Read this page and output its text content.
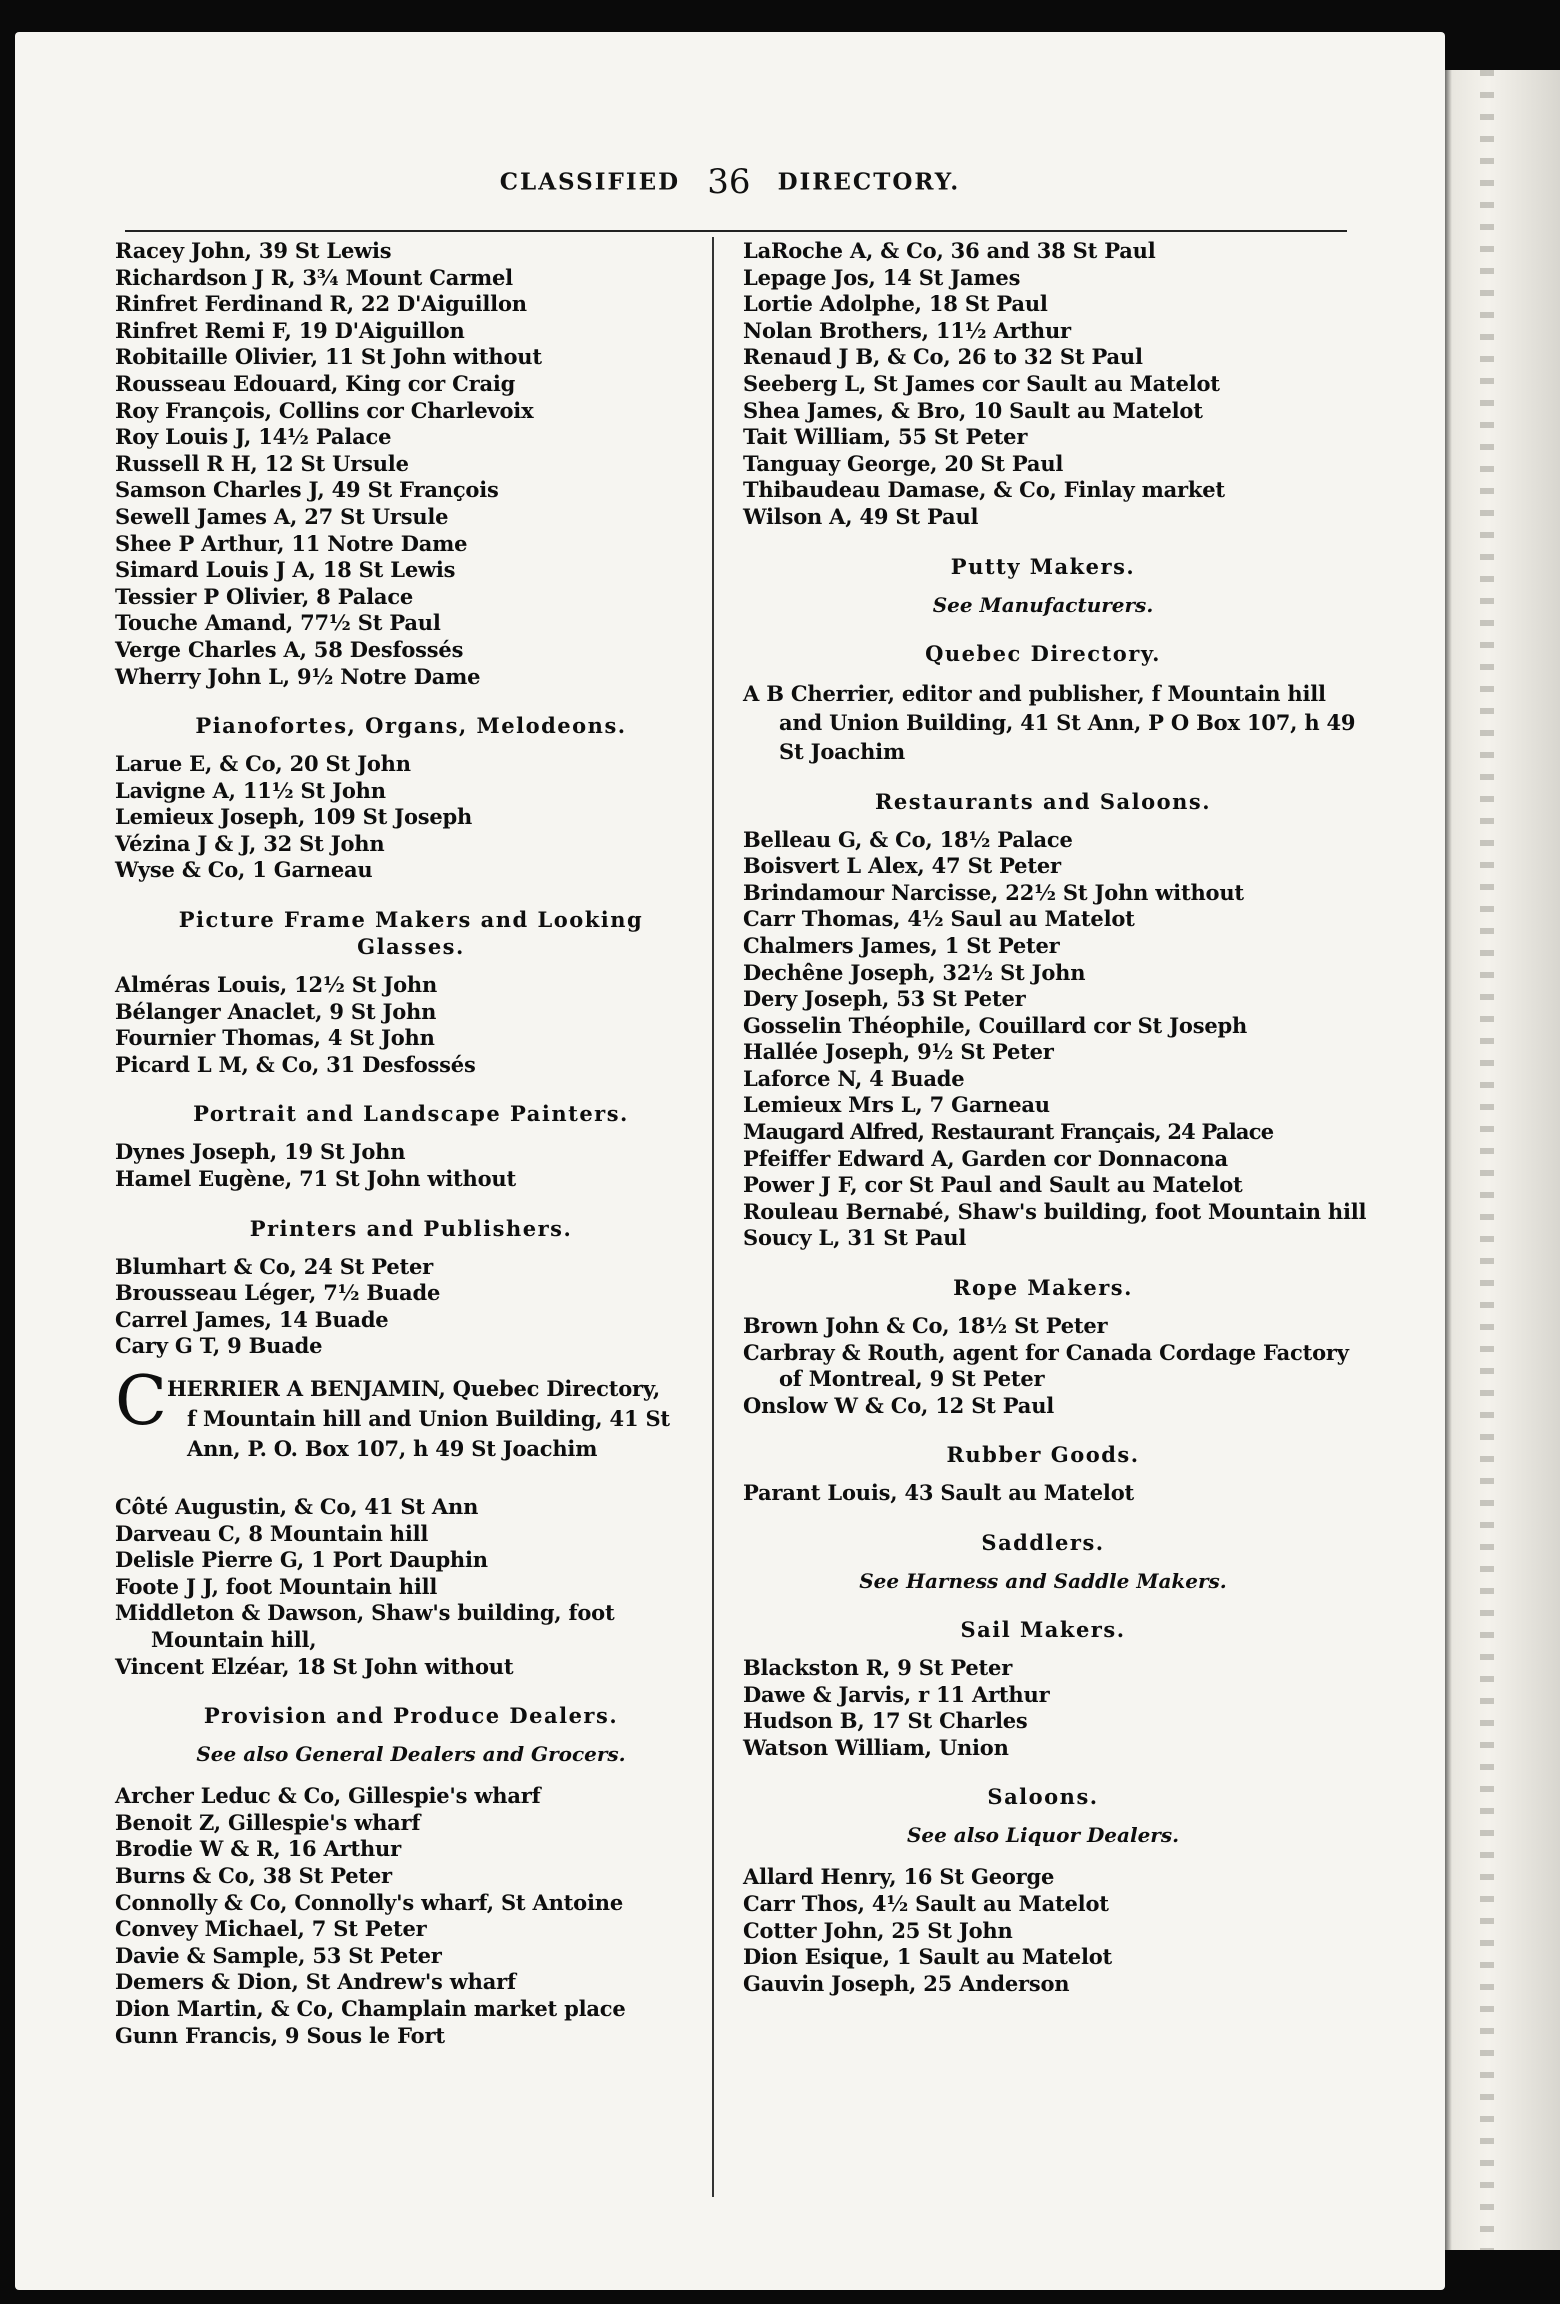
CLASSIFIED 36 DIRECTORY.
Racey John, 39 St Lewis
Richardson J R, 3¾ Mount Carmel
Rinfret Ferdinand R, 22 D'Aiguillon
Rinfret Remi F, 19 D'Aiguillon
Robitaille Olivier, 11 St John without
Rousseau Edouard, King cor Craig
Roy François, Collins cor Charlevoix
Roy Louis J, 14½ Palace
Russell R H, 12 St Ursule
Samson Charles J, 49 St François
Sewell James A, 27 St Ursule
Shee P Arthur, 11 Notre Dame
Simard Louis J A, 18 St Lewis
Tessier P Olivier, 8 Palace
Touche Amand, 77½ St Paul
Verge Charles A, 58 Desfossés
Wherry John L, 9½ Notre Dame
Pianofortes, Organs, Melodeons.
Larue E, & Co, 20 St John
Lavigne A, 11½ St John
Lemieux Joseph, 109 St Joseph
Vézina J & J, 32 St John
Wyse & Co, 1 Garneau
Picture Frame Makers and Looking Glasses.
Alméras Louis, 12½ St John
Bélanger Anaclet, 9 St John
Fournier Thomas, 4 St John
Picard L M, & Co, 31 Desfossés
Portrait and Landscape Painters.
Dynes Joseph, 19 St John
Hamel Eugène, 71 St John without
Printers and Publishers.
Blumhart & Co, 24 St Peter
Brousseau Léger, 7½ Buade
Carrel James, 14 Buade
Cary G T, 9 Buade
C HERRIER A BENJAMIN, Quebec Directory,
f Mountain hill and Union Building, 41 St
Ann, P. O. Box 107, h 49 St Joachim
Côté Augustin, & Co, 41 St Ann
Darveau C, 8 Mountain hill
Delisle Pierre G, 1 Port Dauphin
Foote J J, foot Mountain hill
Middleton & Dawson, Shaw's building, foot Mountain hill,
Vincent Elzéar, 18 St John without
Provision and Produce Dealers.
See also General Dealers and Grocers.
Archer Leduc & Co, Gillespie's wharf
Benoit Z, Gillespie's wharf
Brodie W & R, 16 Arthur
Burns & Co, 38 St Peter
Connolly & Co, Connolly's wharf, St Antoine
Convey Michael, 7 St Peter
Davie & Sample, 53 St Peter
Demers & Dion, St Andrew's wharf
Dion Martin, & Co, Champlain market place
Gunn Francis, 9 Sous le Fort
LaRoche A, & Co, 36 and 38 St Paul
Lepage Jos, 14 St James
Lortie Adolphe, 18 St Paul
Nolan Brothers, 11½ Arthur
Renaud J B, & Co, 26 to 32 St Paul
Seeberg L, St James cor Sault au Matelot
Shea James, & Bro, 10 Sault au Matelot
Tait William, 55 St Peter
Tanguay George, 20 St Paul
Thibaudeau Damase, & Co, Finlay market
Wilson A, 49 St Paul
Putty Makers.
See Manufacturers.
Quebec Directory.
A B Cherrier, editor and publisher, f Mountain hill and Union Building, 41 St Ann, P O Box 107, h 49 St Joachim
Restaurants and Saloons.
Belleau G, & Co, 18½ Palace
Boisvert L Alex, 47 St Peter
Brindamour Narcisse, 22½ St John without
Carr Thomas, 4½ Saul au Matelot
Chalmers James, 1 St Peter
Dechêne Joseph, 32½ St John
Dery Joseph, 53 St Peter
Gosselin Théophile, Couillard cor St Joseph
Hallée Joseph, 9½ St Peter
Laforce N, 4 Buade
Lemieux Mrs L, 7 Garneau
Maugard Alfred, Restaurant Français, 24 Palace
Pfeiffer Edward A, Garden cor Donnacona
Power J F, cor St Paul and Sault au Matelot
Rouleau Bernabé, Shaw's building, foot Mountain hill
Soucy L, 31 St Paul
Rope Makers.
Brown John & Co, 18½ St Peter
Carbray & Routh, agent for Canada Cordage Factory of Montreal, 9 St Peter
Onslow W & Co, 12 St Paul
Rubber Goods.
Parant Louis, 43 Sault au Matelot
Saddlers.
See Harness and Saddle Makers.
Sail Makers.
Blackston R, 9 St Peter
Dawe & Jarvis, r 11 Arthur
Hudson B, 17 St Charles
Watson William, Union
Saloons.
See also Liquor Dealers.
Allard Henry, 16 St George
Carr Thos, 4½ Sault au Matelot
Cotter John, 25 St John
Dion Esique, 1 Sault au Matelot
Gauvin Joseph, 25 Anderson
